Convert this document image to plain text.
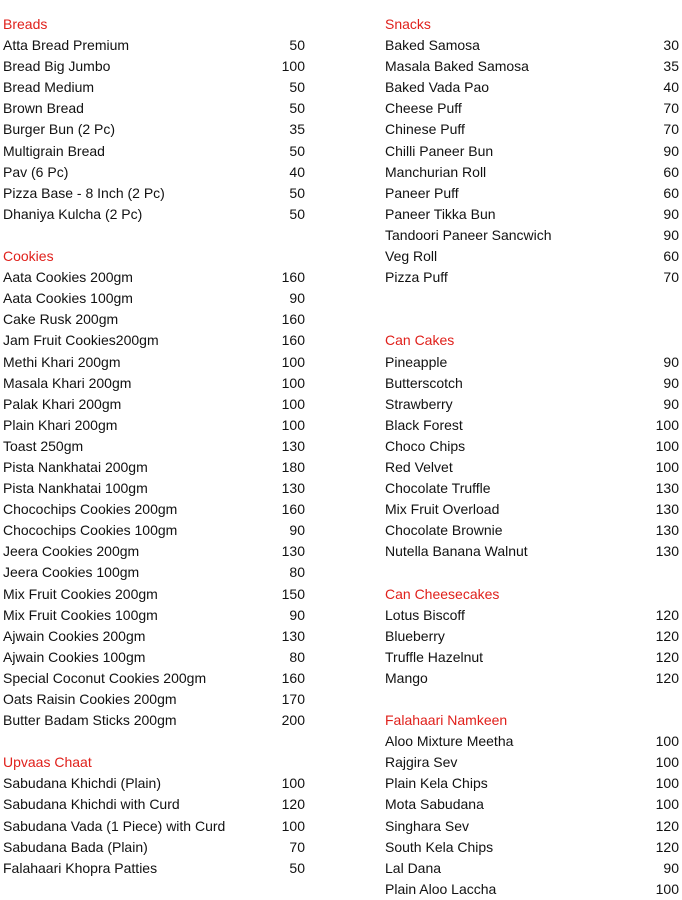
Breads
Atta Bread Premium	50
Bread Big Jumbo	100
Bread Medium	50
Brown Bread	50
Burger Bun (2 Pc)	35
Multigrain Bread	50
Pav (6 Pc)	40
Pizza Base - 8 Inch (2 Pc)	50
Dhaniya Kulcha (2 Pc)	50
Cookies
Aata Cookies 200gm	160
Aata Cookies 100gm	90
Cake Rusk 200gm	160
Jam Fruit Cookies200gm	160
Methi Khari 200gm	100
Masala Khari 200gm	100
Palak Khari 200gm	100
Plain Khari 200gm	100
Toast 250gm	130
Pista Nankhatai 200gm	180
Pista Nankhatai 100gm	130
Chocochips Cookies 200gm	160
Chocochips Cookies 100gm	90
Jeera Cookies 200gm	130
Jeera Cookies 100gm	80
Mix Fruit Cookies 200gm	150
Mix Fruit Cookies 100gm	90
Ajwain Cookies 200gm	130
Ajwain Cookies 100gm	80
Special Coconut Cookies 200gm	160
Oats Raisin Cookies 200gm	170
Butter Badam Sticks 200gm	200
Upvaas Chaat
Sabudana Khichdi (Plain)	100
Sabudana Khichdi with Curd	120
Sabudana Vada (1 Piece) with Curd	100
Sabudana Bada (Plain)	70
Falahaari Khopra Patties	50
Snacks
Baked Samosa	30
Masala Baked Samosa	35
Baked Vada Pao	40
Cheese Puff	70
Chinese Puff	70
Chilli Paneer Bun	90
Manchurian Roll	60
Paneer Puff	60
Paneer Tikka Bun	90
Tandoori Paneer Sancwich	90
Veg Roll	60
Pizza Puff	70
Can Cakes
Pineapple	90
Butterscotch	90
Strawberry	90
Black Forest	100
Choco Chips	100
Red Velvet	100
Chocolate Truffle	130
Mix Fruit Overload	130
Chocolate Brownie	130
Nutella Banana Walnut	130
Can Cheesecakes
Lotus Biscoff	120
Blueberry	120
Truffle Hazelnut	120
Mango	120
Falahaari Namkeen
Aloo Mixture Meetha	100
Rajgira Sev	100
Plain Kela Chips	100
Mota Sabudana	100
Singhara Sev	120
South Kela Chips	120
Lal Dana	90
Plain Aloo Laccha	100
